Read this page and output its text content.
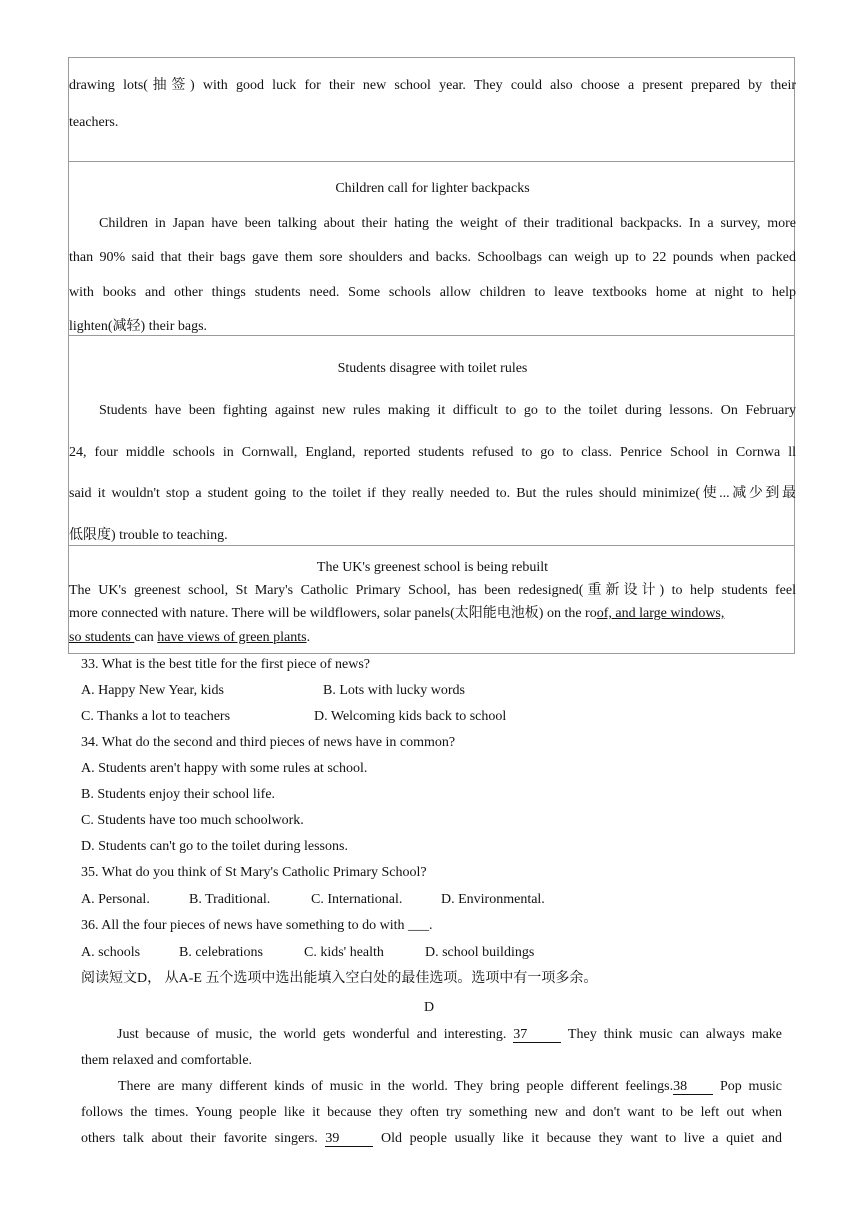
drawing lots(抽签) with good luck for their new school year. They could also choose a present prepared by their
teachers.
Children call for lighter backpacks
Children in Japan have been talking about their hating the weight of their traditional backpacks. In a survey, more
than 90% said that their bags gave them sore shoulders and backs. Schoolbags can weigh up to 22 pounds when packed
with books and other things students need. Some schools allow children to leave textbooks home at night to help
lighten(减轻) their bags.
Students disagree with toilet rules
Students have been fighting against new rules making it difficult to go to the toilet during lessons. On February
24, four middle schools in Cornwall, England, reported students refused to go to class. Penrice School in Cornwa ll
said it wouldn't stop a student going to the toilet if they really needed to. But the rules should minimize(使...减少到最
低限度) trouble to teaching.
The UK's greenest school is being rebuilt
The UK's greenest school, St Mary's Catholic Primary School, has been redesigned(重新设计) to help students feel
more connected with nature. There will be wildflowers, solar panels(太阳能电池板) on the roof, and large windows,
so students can have views of green plants.
33. What is the best title for the first piece of news?
A. Happy New Year, kids	B. Lots with lucky words
C. Thanks a lot to teachers	D. Welcoming kids back to school
34. What do the second and third pieces of news have in common?
A. Students aren't happy with some rules at school.
B. Students enjoy their school life.
C. Students have too much schoolwork.
D. Students can't go to the toilet during lessons.
35. What do you think of St Mary's Catholic Primary School?
A. Personal.	B. Traditional.	C. International.	D. Environmental.
36. All the four pieces of news have something to do with ___.
A. schools	B. celebrations	C. kids' health	D. school buildings
阅读短文D， 从A-E 五个选项中选出能填入空白处的最佳选项。选项中有一项多余。
D
Just because of music, the world gets wonderful and interesting. 37 They think music can always make
them relaxed and comfortable.
There are many different kinds of music in the world. They bring people different feelings.38 Pop music
follows the times. Young people like it because they often try something new and don't want to be left out when
others talk about their favorite singers. 39 Old people usually like it because they want to live a quiet and
